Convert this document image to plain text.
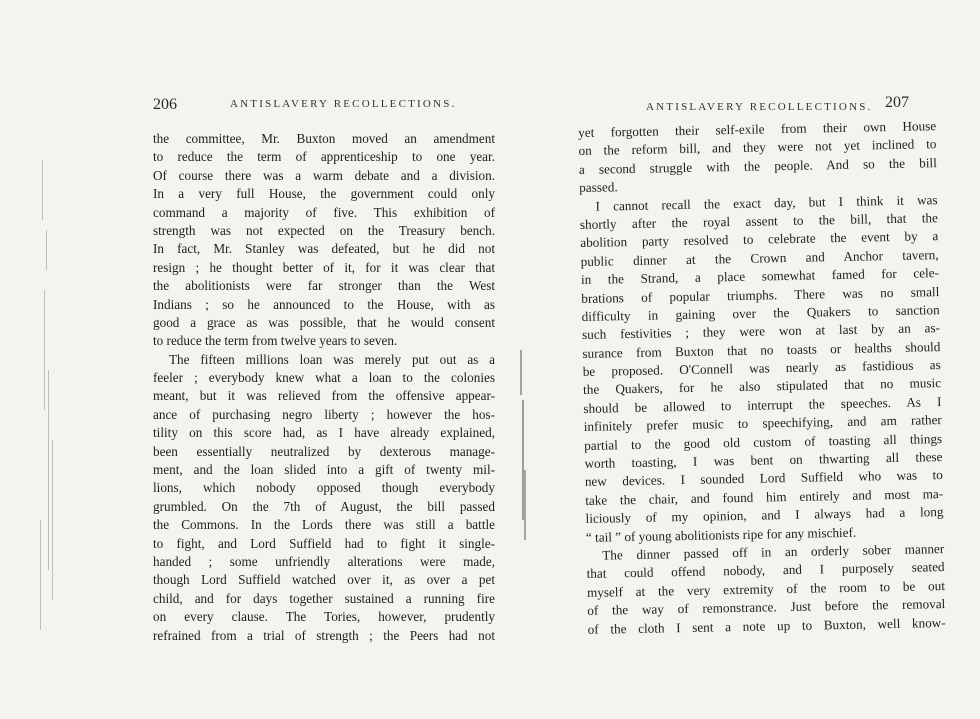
206	ANTISLAVERY RECOLLECTIONS.
the committee, Mr. Buxton moved an amendment
to reduce the term of apprenticeship to one year.
Of course there was a warm debate and a division.
In a very full House, the government could only
command a majority of five. This exhibition of
strength was not expected on the Treasury bench.
In fact, Mr. Stanley was defeated, but he did not
resign ; he thought better of it, for it was clear that
the abolitionists were far stronger than the West
Indians ; so he announced to the House, with as
good a grace as was possible, that he would consent
to reduce the term from twelve years to seven.
The fifteen millions loan was merely put out as a
feeler ; everybody knew what a loan to the colonies
meant, but it was relieved from the offensive appear-
ance of purchasing negro liberty ; however the hos-
tility on this score had, as I have already explained,
been essentially neutralized by dexterous manage-
ment, and the loan slided into a gift of twenty mil-
lions, which nobody opposed though everybody
grumbled. On the 7th of August, the bill passed
the Commons. In the Lords there was still a battle
to fight, and Lord Suffield had to fight it single-
handed ; some unfriendly alterations were made,
though Lord Suffield watched over it, as over a pet
child, and for days together sustained a running fire
on every clause. The Tories, however, prudently
refrained from a trial of strength ; the Peers had not
ANTISLAVERY RECOLLECTIONS. 207
yet forgotten their self-exile from their own House
on the reform bill, and they were not yet inclined to
a second struggle with the people. And so the bill
passed.
I cannot recall the exact day, but I think it was
shortly after the royal assent to the bill, that the
abolition party resolved to celebrate the event by a
public dinner at the Crown and Anchor tavern,
in the Strand, a place somewhat famed for cele-
brations of popular triumphs. There was no small
difficulty in gaining over the Quakers to sanction
such festivities ; they were won at last by an as-
surance from Buxton that no toasts or healths should
be proposed. O'Connell was nearly as fastidious as
the Quakers, for he also stipulated that no music
should be allowed to interrupt the speeches. As I
infinitely prefer music to speechifying, and am rather
partial to the good old custom of toasting all things
worth toasting, I was bent on thwarting all these
new devices. I sounded Lord Suffield who was to
take the chair, and found him entirely and most ma-
liciously of my opinion, and I always had a long
“ tail ” of young abolitionists ripe for any mischief.
The dinner passed off in an orderly sober manner
that could offend nobody, and I purposely seated
myself at the very extremity of the room to be out
of the way of remonstrance. Just before the removal
of the cloth I sent a note up to Buxton, well know-
